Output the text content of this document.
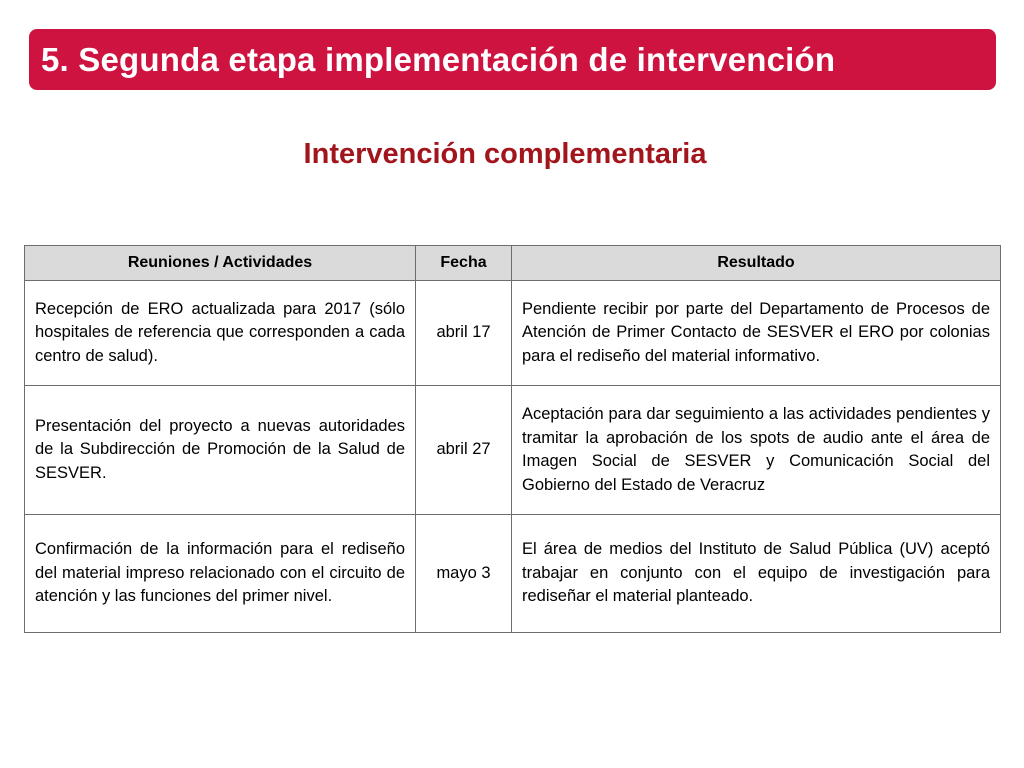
5. Segunda etapa implementación de intervención
Intervención complementaria
Reuniones / Actividades	Fecha	Resultado
Recepción de ERO actualizada para 2017 (sólo hospitales de referencia que corresponden a cada centro de salud).	abril 17	Pendiente recibir por parte del Departamento de Procesos de Atención de Primer Contacto de SESVER el ERO por colonias para el rediseño del material informativo.
Presentación del proyecto a nuevas autoridades de la Subdirección de Promoción de la Salud de SESVER.	abril 27	Aceptación para dar seguimiento a las actividades pendientes y tramitar la aprobación de los spots de audio ante el área de Imagen Social de SESVER y Comunicación Social del Gobierno del Estado de Veracruz
Confirmación de la información para el rediseño del material impreso relacionado con el circuito de atención y las funciones del primer nivel.	mayo 3	El área de medios del Instituto de Salud Pública (UV) aceptó trabajar en conjunto con el equipo de investigación para rediseñar el material planteado.
